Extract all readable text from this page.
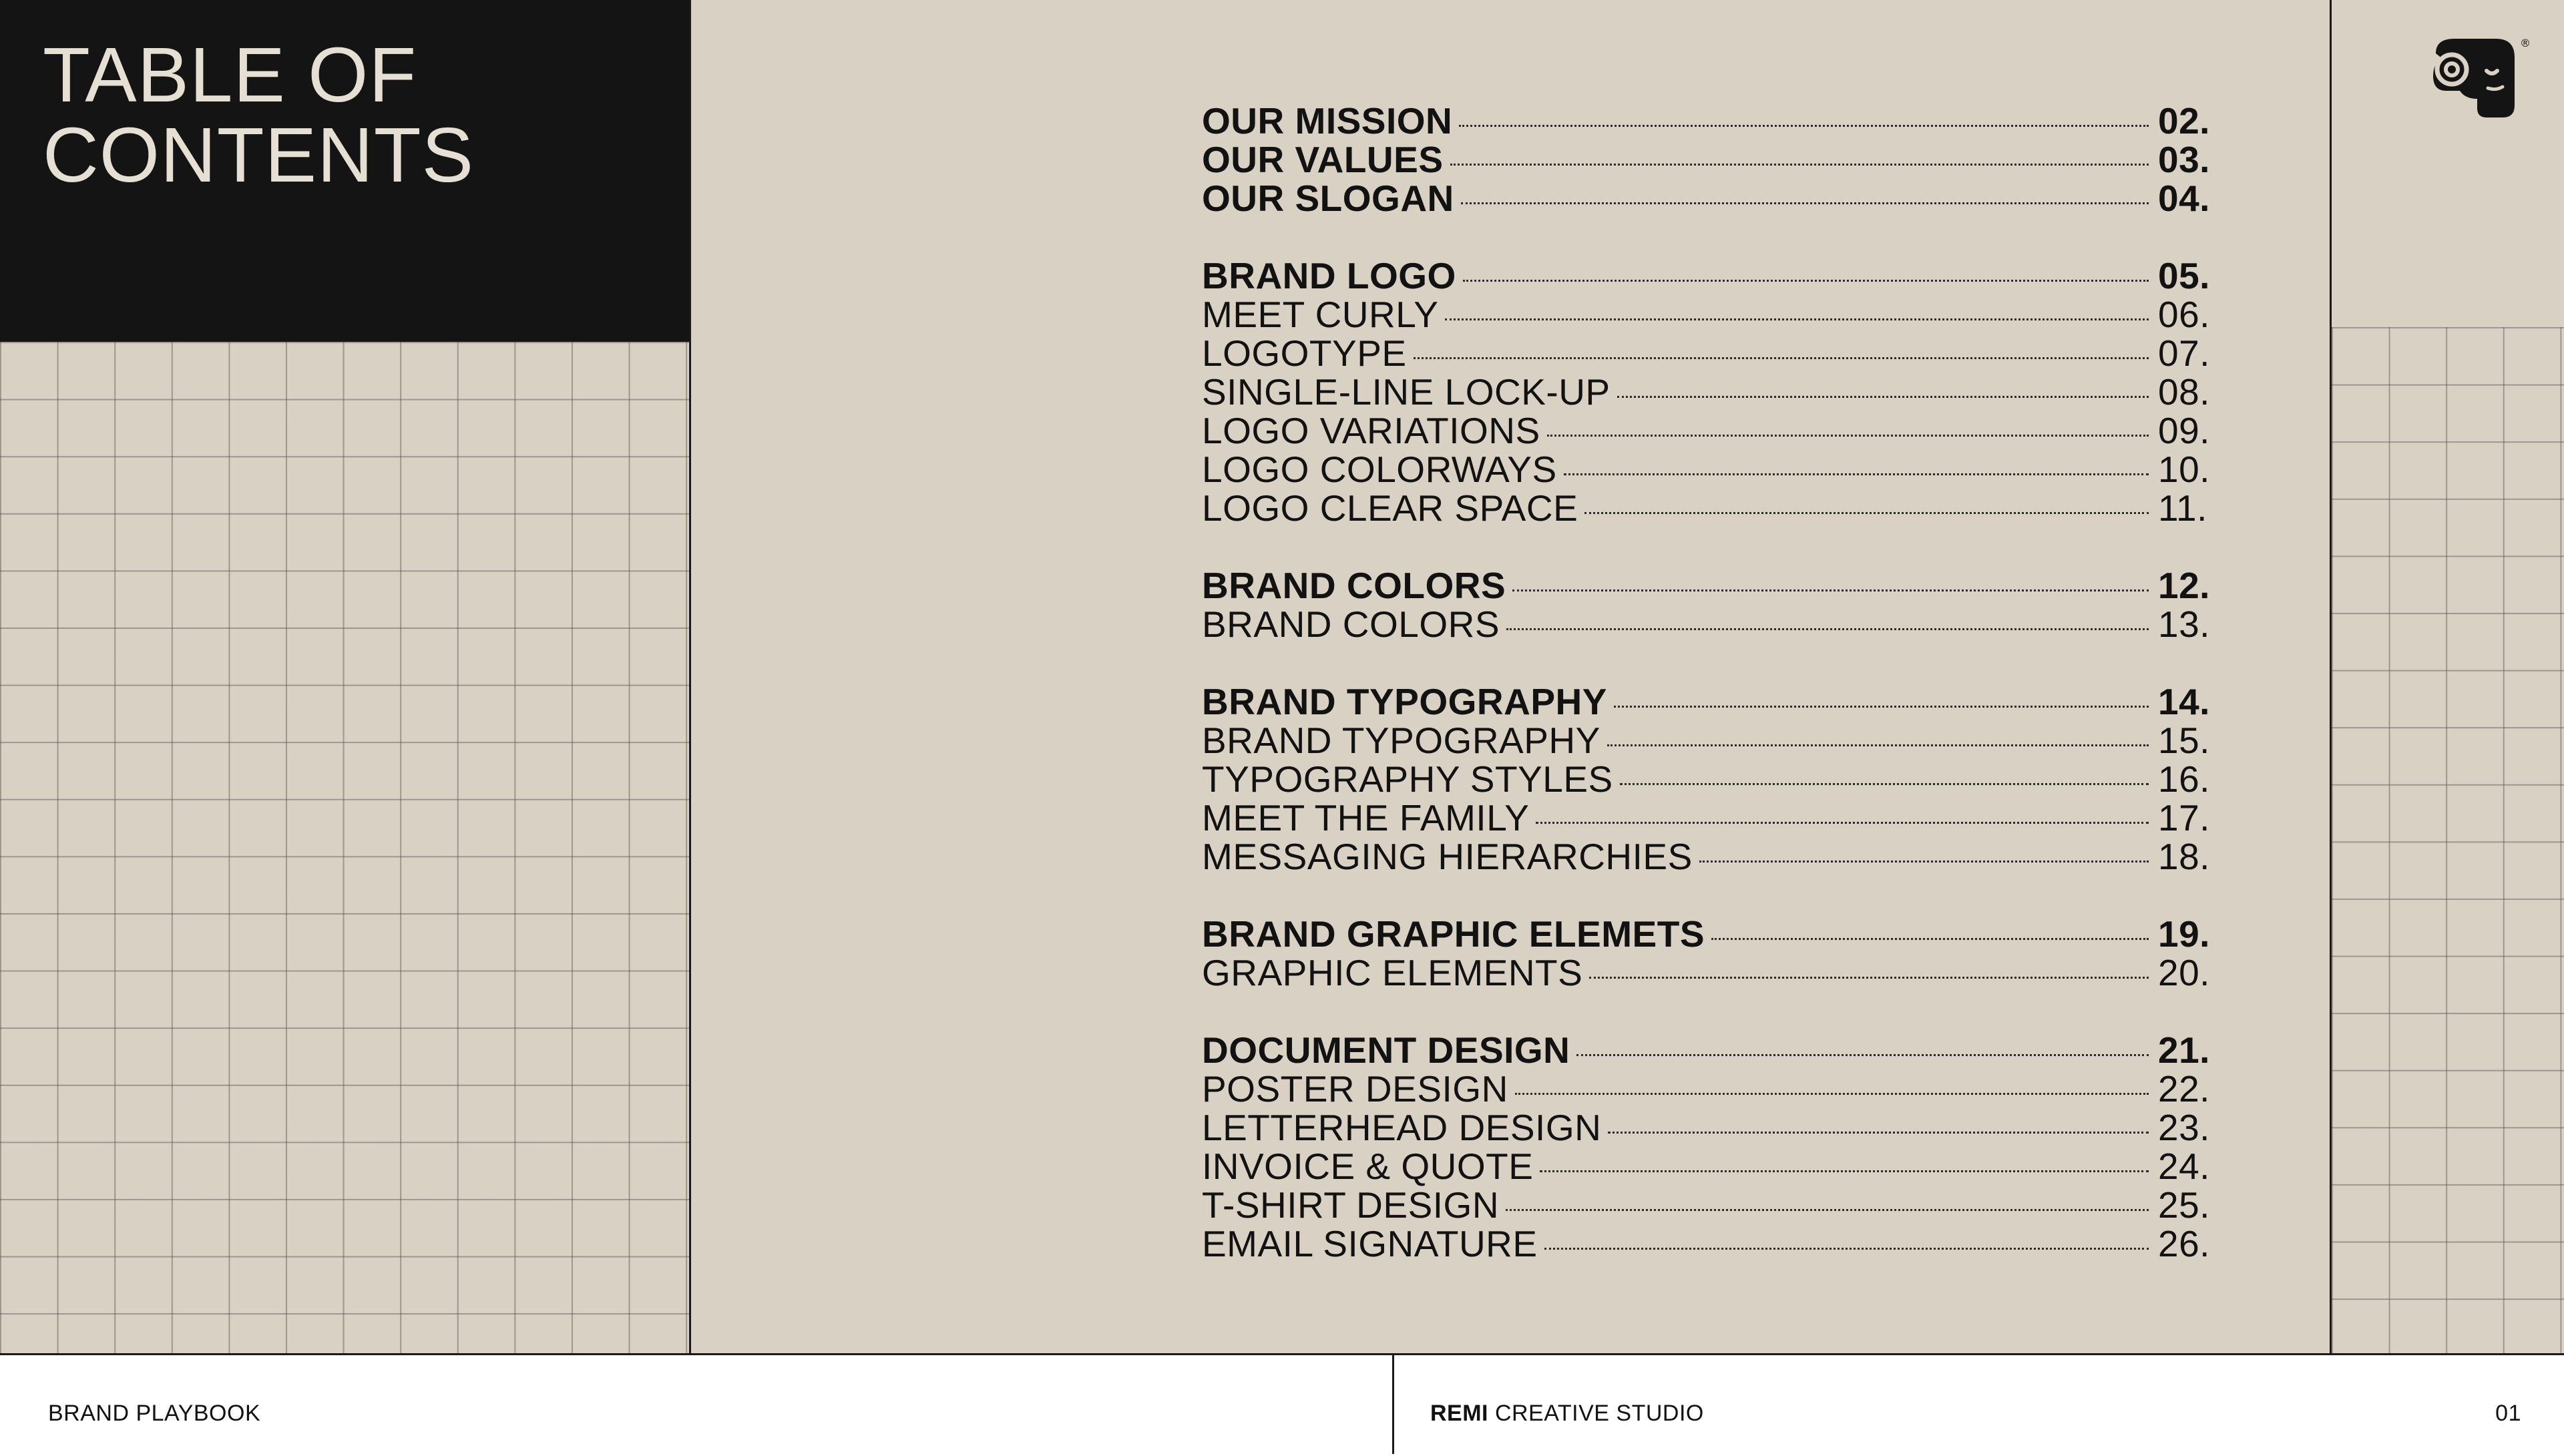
TABLE OF
CONTENTS
®
OUR MISSION	02.
OUR VALUES	03.
OUR SLOGAN	04.
BRAND LOGO	05.
MEET CURLY	06.
LOGOTYPE	07.
SINGLE-LINE LOCK-UP	08.
LOGO VARIATIONS	09.
LOGO COLORWAYS	10.
LOGO CLEAR SPACE	11.
BRAND COLORS	12.
BRAND COLORS	13.
BRAND TYPOGRAPHY	14.
BRAND TYPOGRAPHY	15.
TYPOGRAPHY STYLES	16.
MEET THE FAMILY	17.
MESSAGING HIERARCHIES	18.
BRAND GRAPHIC ELEMETS	19.
GRAPHIC ELEMENTS	20.
DOCUMENT DESIGN	21.
POSTER DESIGN	22.
LETTERHEAD DESIGN	23.
INVOICE & QUOTE	24.
T-SHIRT DESIGN	25.
EMAIL SIGNATURE	26.
BRAND PLAYBOOK	REMI CREATIVE STUDIO	01
